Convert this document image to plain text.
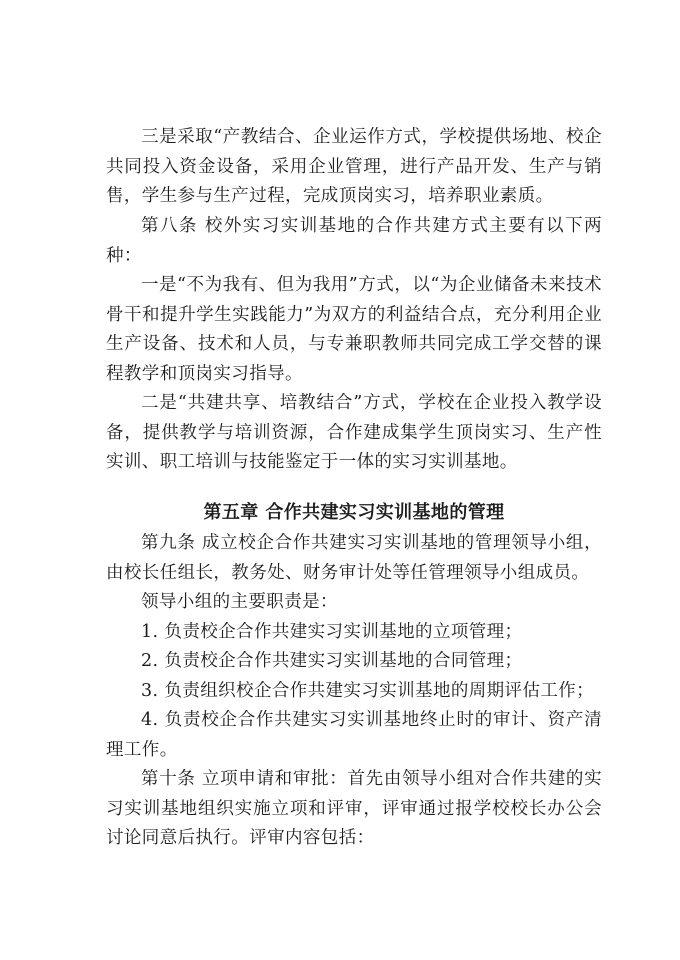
三是采取“产教结合、企业运作方式，学校提供场地、校企共同投入资金设备，采用企业管理，进行产品开发、生产与销售，学生参与生产过程，完成顶岗实习，培养职业素质。

第八条 校外实习实训基地的合作共建方式主要有以下两种：

一是“不为我有、但为我用”方式，以“为企业储备未来技术骨干和提升学生实践能力”为双方的利益结合点，充分利用企业生产设备、技术和人员，与专兼职教师共同完成工学交替的课程教学和顶岗实习指导。

二是“共建共享、培教结合”方式，学校在企业投入教学设备，提供教学与培训资源，合作建成集学生顶岗实习、生产性实训、职工培训与技能鉴定于一体的实习实训基地。

第五章 合作共建实习实训基地的管理

第九条 成立校企合作共建实习实训基地的管理领导小组，由校长任组长，教务处、财务审计处等任管理领导小组成员。

领导小组的主要职责是：

1. 负责校企合作共建实习实训基地的立项管理；

2. 负责校企合作共建实习实训基地的合同管理；

3. 负责组织校企合作共建实习实训基地的周期评估工作；

4. 负责校企合作共建实习实训基地终止时的审计、资产清理工作。

第十条 立项申请和审批：首先由领导小组对合作共建的实习实训基地组织实施立项和评审，评审通过报学校校长办公会讨论同意后执行。评审内容包括：
